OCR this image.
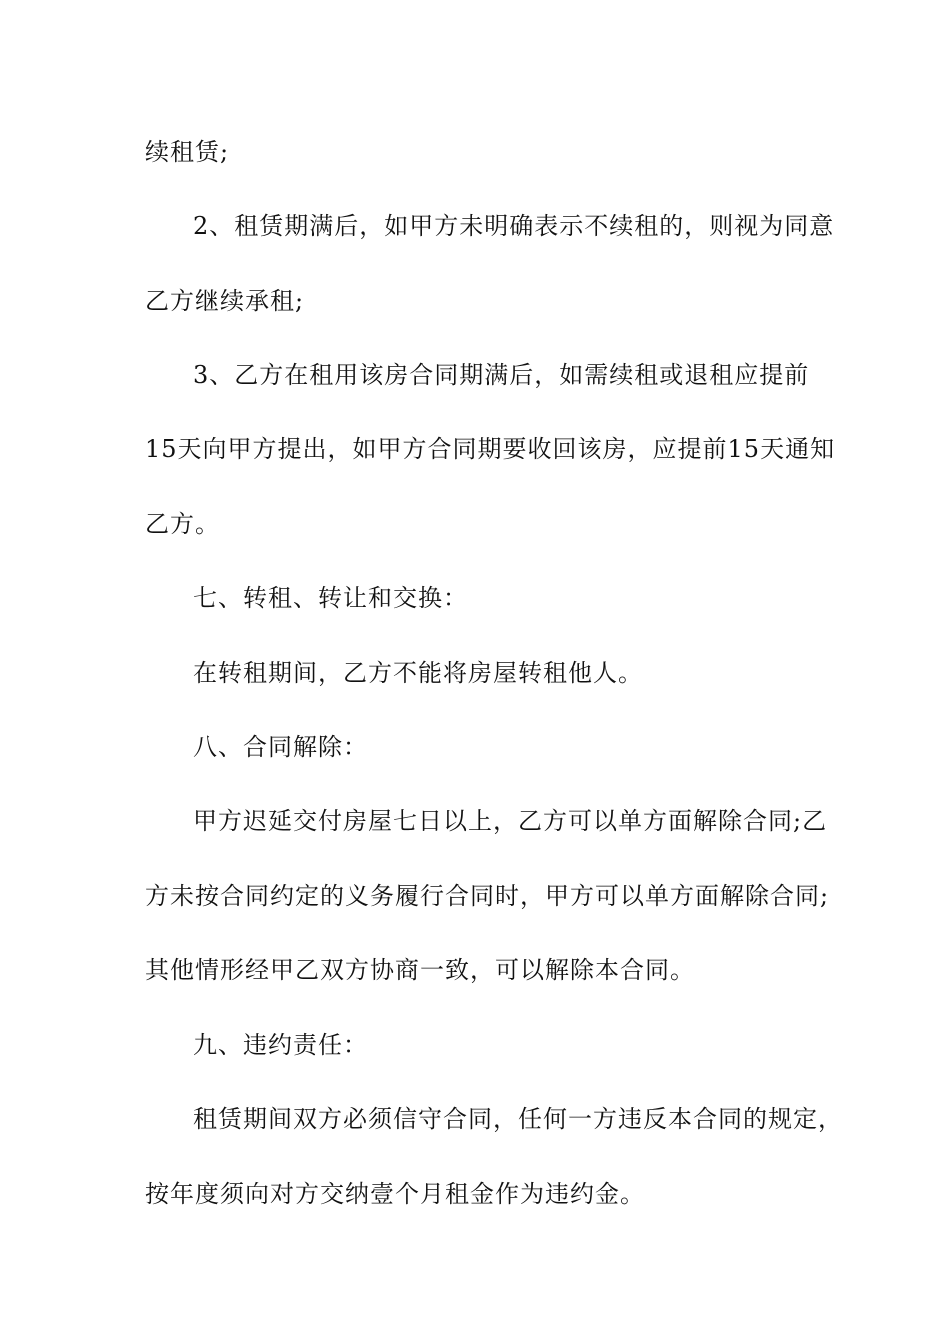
续租赁;
2、租赁期满后，如甲方未明确表示不续租的，则视为同意
乙方继续承租;
3、乙方在租用该房合同期满后，如需续租或退租应提前
15天向甲方提出，如甲方合同期要收回该房，应提前15天通知
乙方。
七、转租、转让和交换：
在转租期间，乙方不能将房屋转租他人。
八、合同解除：
甲方迟延交付房屋七日以上，乙方可以单方面解除合同;乙
方未按合同约定的义务履行合同时，甲方可以单方面解除合同;
其他情形经甲乙双方协商一致，可以解除本合同。
九、违约责任：
租赁期间双方必须信守合同，任何一方违反本合同的规定，
按年度须向对方交纳壹个月租金作为违约金。
